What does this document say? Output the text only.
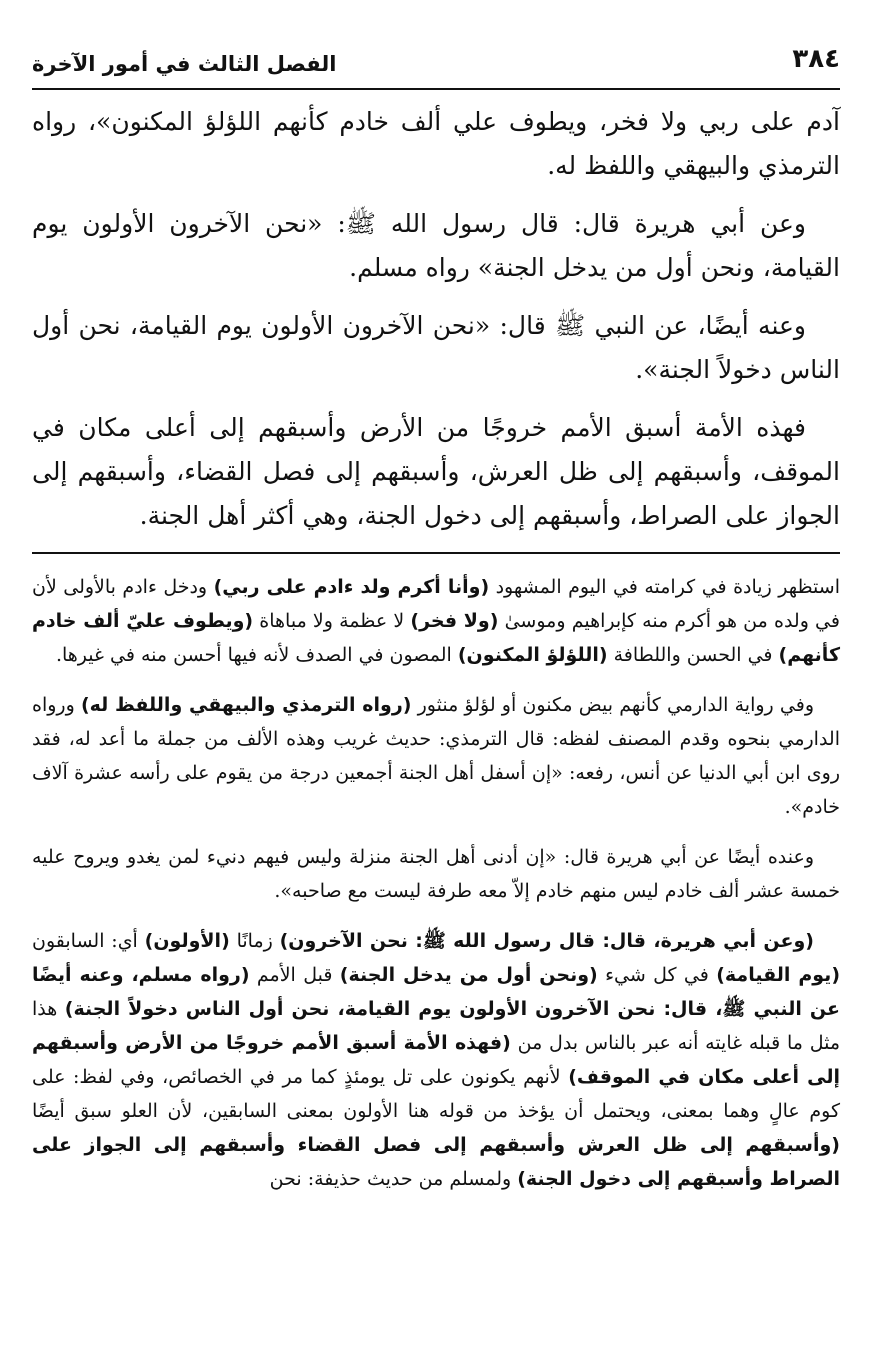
٣٨٤
الفصل الثالث في أمور الآخرة

آدم على ربي ولا فخر، ويطوف علي ألف خادم كأنهم اللؤلؤ المكنون»، رواه الترمذي والبيهقي واللفظ له.

وعن أبي هريرة قال: قال رسول الله ﷺ: «نحن الآخرون الأولون يوم القيامة، ونحن أول من يدخل الجنة» رواه مسلم.

وعنه أيضًا، عن النبي ﷺ قال: «نحن الآخرون الأولون يوم القيامة، نحن أول الناس دخولاً الجنة».

فهذه الأمة أسبق الأمم خروجًا من الأرض وأسبقهم إلى أعلى مكان في الموقف، وأسبقهم إلى ظل العرش، وأسبقهم إلى فصل القضاء، وأسبقهم إلى الجواز على الصراط، وأسبقهم إلى دخول الجنة، وهي أكثر أهل الجنة.

استظهر زيادة في كرامته في اليوم المشهود (وأنا أكرم ولد ءادم على ربي) ودخل ءادم بالأولى لأن في ولده من هو أكرم منه كإبراهيم وموسىٰ (ولا فخر) لا عظمة ولا مباهاة (ويطوف عليّ ألف خادم كأنهم) في الحسن واللطافة (اللؤلؤ المكنون) المصون في الصدف لأنه فيها أحسن منه في غيرها.

وفي رواية الدارمي كأنهم بيض مكنون أو لؤلؤ منثور (رواه الترمذي والبيهقي واللفظ له) ورواه الدارمي بنحوه وقدم المصنف لفظه: قال الترمذي: حديث غريب وهذه الألف من جملة ما أعد له، فقد روى ابن أبي الدنيا عن أنس، رفعه: «إن أسفل أهل الجنة أجمعين درجة من يقوم على رأسه عشرة آلاف خادم».

وعنده أيضًا عن أبي هريرة قال: «إن أدنى أهل الجنة منزلة وليس فيهم دنيء لمن يغدو ويروح عليه خمسة عشر ألف خادم ليس منهم خادم إلاّ معه طرفة ليست مع صاحبه».

(وعن أبي هريرة، قال: قال رسول الله ﷺ: نحن الآخرون) زمانًا (الأولون) أي: السابقون (يوم القيامة) في كل شيء (ونحن أول من يدخل الجنة) قبل الأمم (رواه مسلم، وعنه أيضًا عن النبي ﷺ، قال: نحن الآخرون الأولون يوم القيامة، نحن أول الناس دخولاً الجنة) هذا مثل ما قبله غايته أنه عبر بالناس بدل من (فهذه الأمة أسبق الأمم خروجًا من الأرض وأسبقهم إلى أعلى مكان في الموقف) لأنهم يكونون على تل يومئذٍ كما مر في الخصائص، وفي لفظ: على كوم عالٍ وهما بمعنى، ويحتمل أن يؤخذ من قوله هنا الأولون بمعنى السابقين، لأن العلو سبق أيضًا (وأسبقهم إلى ظل العرش وأسبقهم إلى فصل القضاء وأسبقهم إلى الجواز على الصراط وأسبقهم إلى دخول الجنة) ولمسلم من حديث حذيفة: نحن
